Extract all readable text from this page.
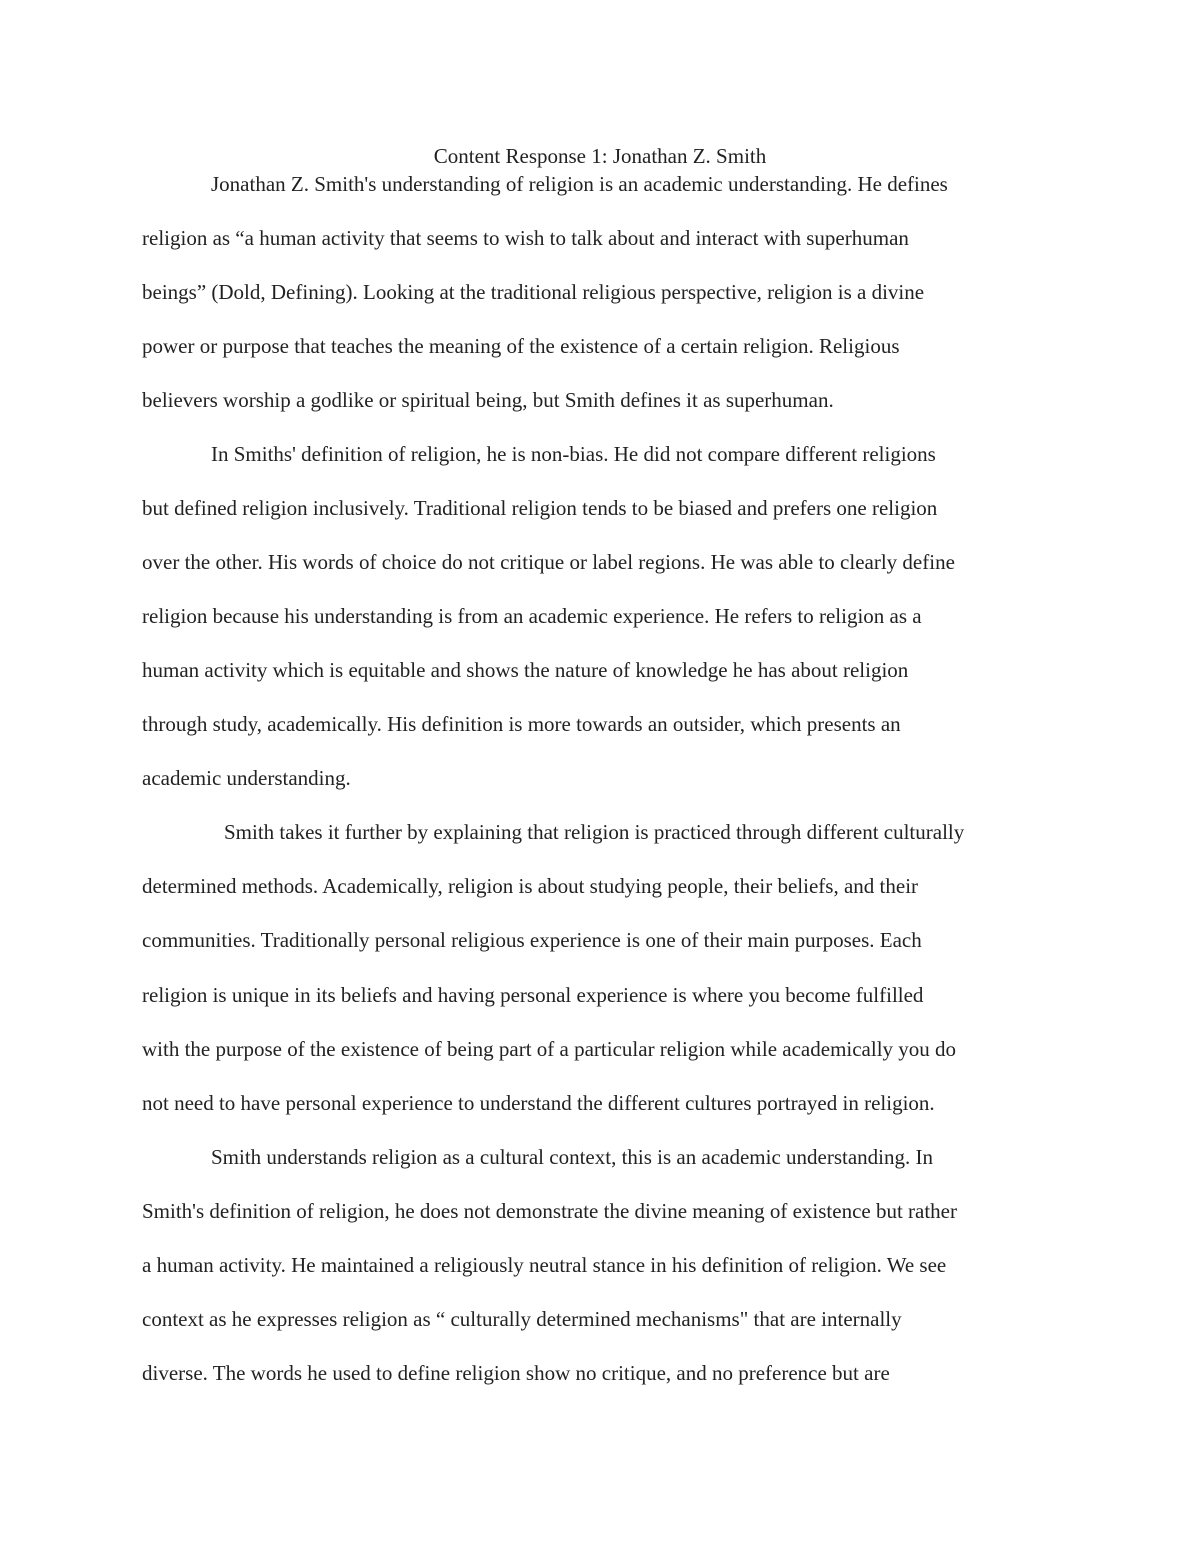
Content Response 1: Jonathan Z. Smith
Jonathan Z. Smith's understanding of religion is an academic understanding. He defines
religion as “a human activity that seems to wish to talk about and interact with superhuman
beings” (Dold, Defining). Looking at the traditional religious perspective, religion is a divine
power or purpose that teaches the meaning of the existence of a certain religion. Religious
believers worship a godlike or spiritual being, but Smith defines it as superhuman.
In Smiths' definition of religion, he is non-bias. He did not compare different religions
but defined religion inclusively. Traditional religion tends to be biased and prefers one religion
over the other. His words of choice do not critique or label regions. He was able to clearly define
religion because his understanding is from an academic experience. He refers to religion as a
human activity which is equitable and shows the nature of knowledge he has about religion
through study, academically. His definition is more towards an outsider, which presents an
academic understanding.
Smith takes it further by explaining that religion is practiced through different culturally
determined methods. Academically, religion is about studying people, their beliefs, and their
communities. Traditionally personal religious experience is one of their main purposes. Each
religion is unique in its beliefs and having personal experience is where you become fulfilled
with the purpose of the existence of being part of a particular religion while academically you do
not need to have personal experience to understand the different cultures portrayed in religion.
Smith understands religion as a cultural context, this is an academic understanding. In
Smith's definition of religion, he does not demonstrate the divine meaning of existence but rather
a human activity. He maintained a religiously neutral stance in his definition of religion. We see
context as he expresses religion as “ culturally determined mechanisms" that are internally
diverse. The words he used to define religion show no critique, and no preference but are
